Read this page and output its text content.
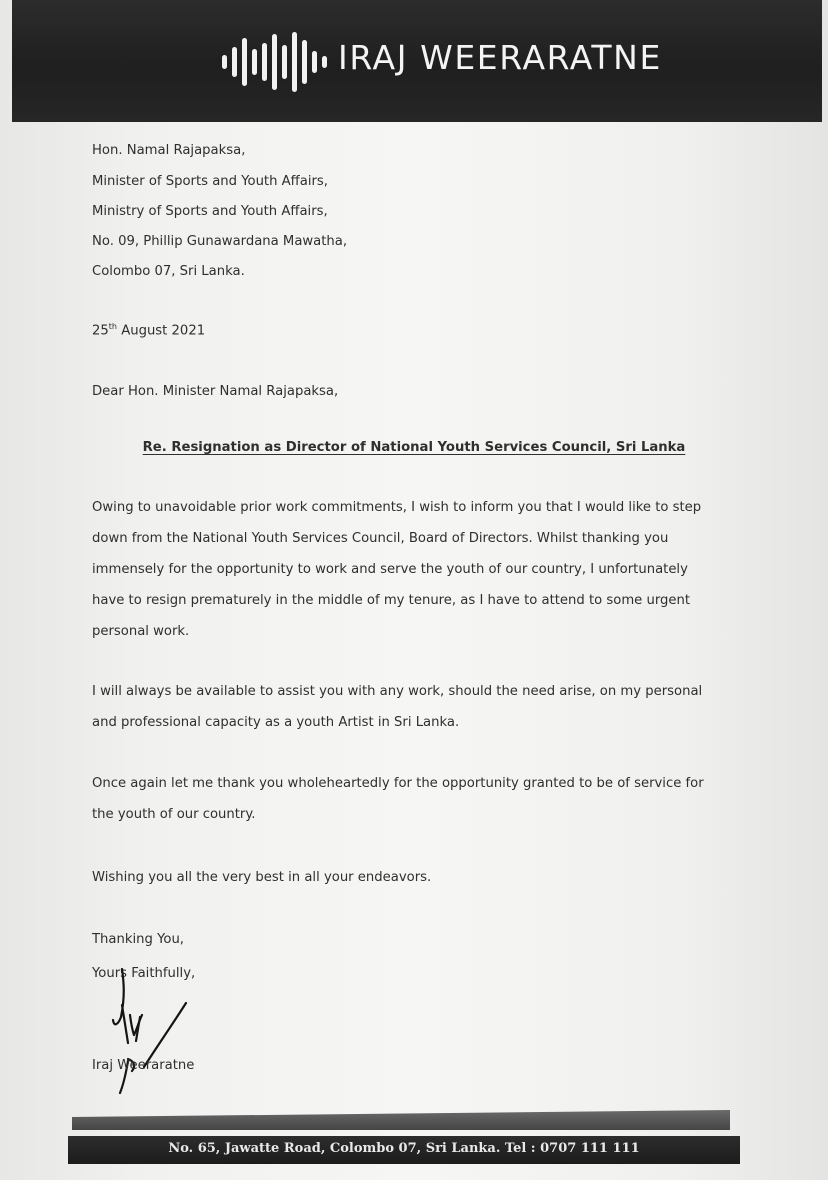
IRAJ WEERARATNE
Hon. Namal Rajapaksa,
Minister of Sports and Youth Affairs,
Ministry of Sports and Youth Affairs,
No. 09, Phillip Gunawardana Mawatha,
Colombo 07, Sri Lanka.
25th August 2021
Dear Hon. Minister Namal Rajapaksa,
Re. Resignation as Director of National Youth Services Council, Sri Lanka
Owing to unavoidable prior work commitments, I wish to inform you that I would like to step
down from the National Youth Services Council, Board of Directors. Whilst thanking you
immensely for the opportunity to work and serve the youth of our country, I unfortunately
have to resign prematurely in the middle of my tenure, as I have to attend to some urgent
personal work.
I will always be available to assist you with any work, should the need arise, on my personal
and professional capacity as a youth Artist in Sri Lanka.
Once again let me thank you wholeheartedly for the opportunity granted to be of service for
the youth of our country.
Wishing you all the very best in all your endeavors.
Thanking You,
Yours Faithfully,
Iraj Weeraratne
No. 65, Jawatte Road, Colombo 07, Sri Lanka. Tel : 0707 111 111
